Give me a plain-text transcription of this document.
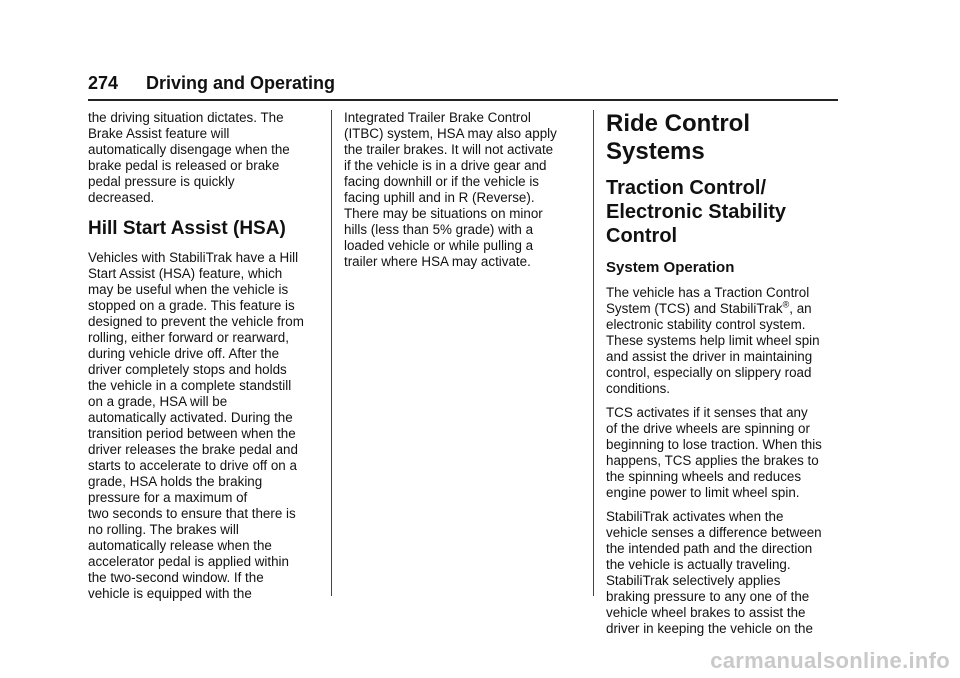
274 Driving and Operating

the driving situation dictates. The
Brake Assist feature will
automatically disengage when the
brake pedal is released or brake
pedal pressure is quickly
decreased.

Hill Start Assist (HSA)

Vehicles with StabiliTrak have a Hill
Start Assist (HSA) feature, which
may be useful when the vehicle is
stopped on a grade. This feature is
designed to prevent the vehicle from
rolling, either forward or rearward,
during vehicle drive off. After the
driver completely stops and holds
the vehicle in a complete standstill
on a grade, HSA will be
automatically activated. During the
transition period between when the
driver releases the brake pedal and
starts to accelerate to drive off on a
grade, HSA holds the braking
pressure for a maximum of
two seconds to ensure that there is
no rolling. The brakes will
automatically release when the
accelerator pedal is applied within
the two-second window. If the
vehicle is equipped with the

Integrated Trailer Brake Control
(ITBC) system, HSA may also apply
the trailer brakes. It will not activate
if the vehicle is in a drive gear and
facing downhill or if the vehicle is
facing uphill and in R (Reverse).
There may be situations on minor
hills (less than 5% grade) with a
loaded vehicle or while pulling a
trailer where HSA may activate.

Ride Control Systems
Traction Control/
Electronic Stability
Control
System Operation

The vehicle has a Traction Control
System (TCS) and StabiliTrak®, an
electronic stability control system.
These systems help limit wheel spin
and assist the driver in maintaining
control, especially on slippery road
conditions.

TCS activates if it senses that any
of the drive wheels are spinning or
beginning to lose traction. When this
happens, TCS applies the brakes to
the spinning wheels and reduces
engine power to limit wheel spin.

StabiliTrak activates when the
vehicle senses a difference between
the intended path and the direction
the vehicle is actually traveling.
StabiliTrak selectively applies
braking pressure to any one of the
vehicle wheel brakes to assist the
driver in keeping the vehicle on the

carmanualsonline.info
